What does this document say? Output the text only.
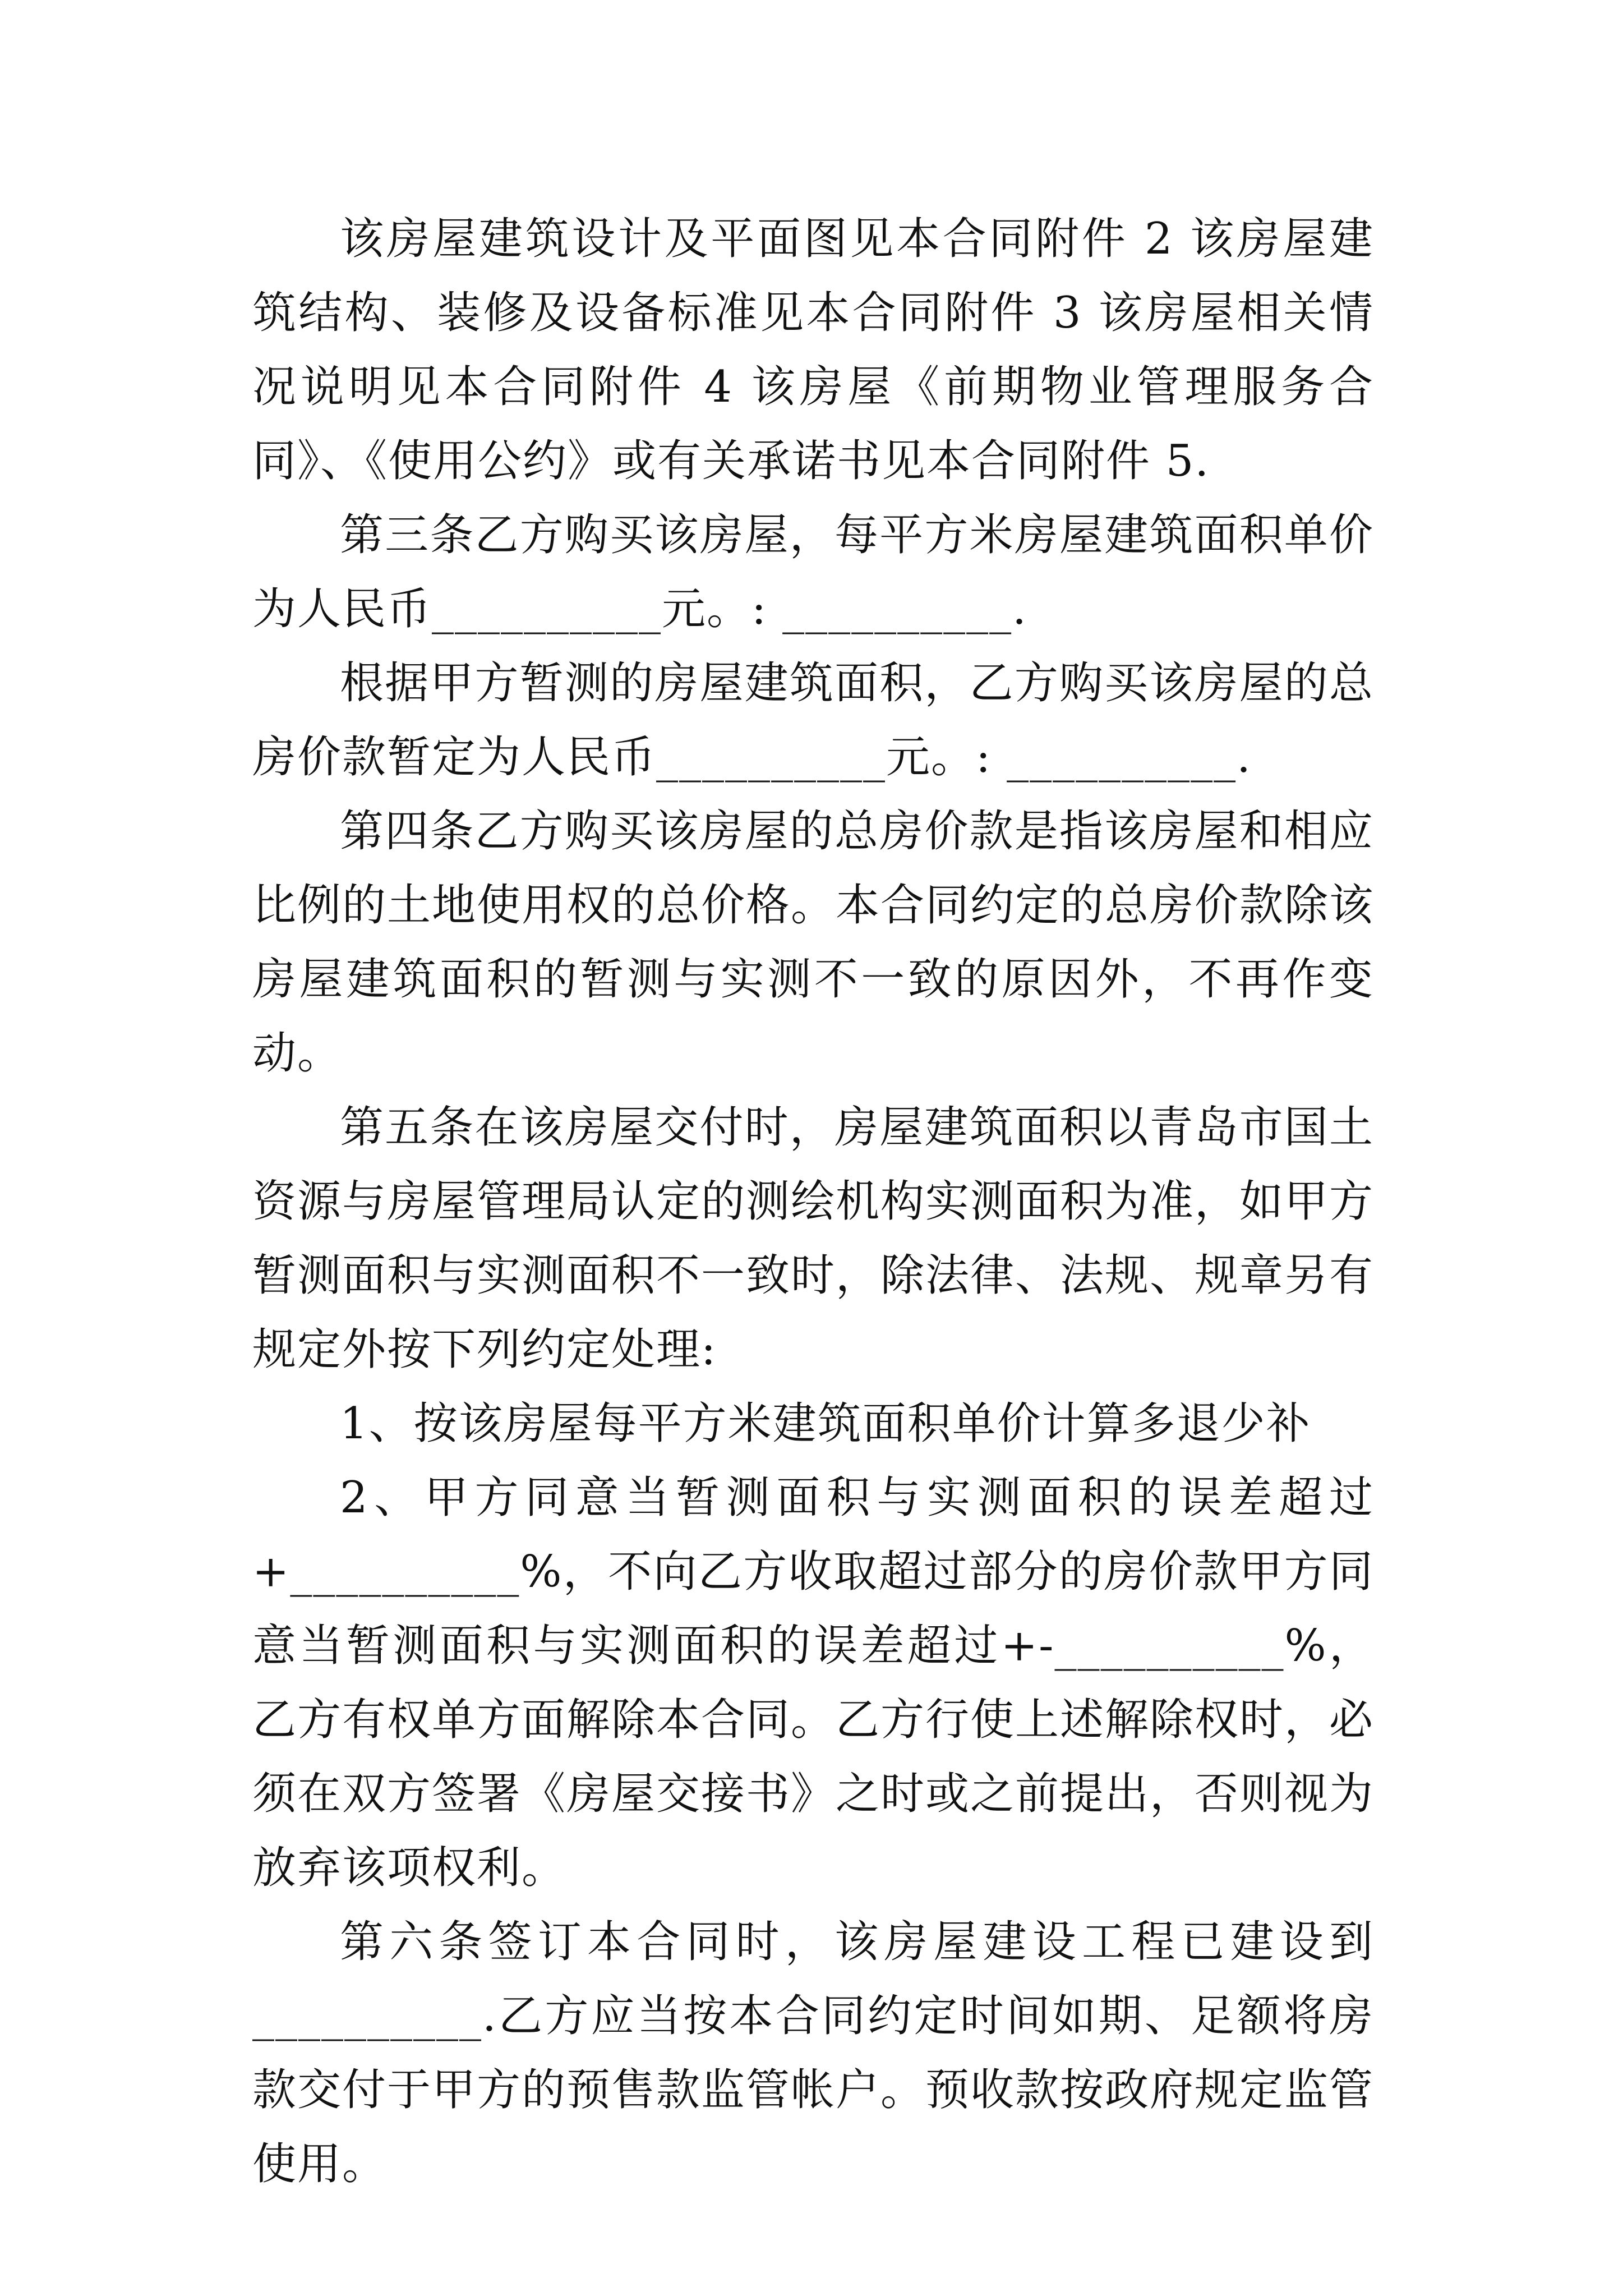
该房屋建筑设计及平面图见本合同附件 2 该房屋建筑结构、装修及设备标准见本合同附件 3 该房屋相关情况说明见本合同附件 4 该房屋《前期物业管理服务合同》、《使用公约》或有关承诺书见本合同附件 5.

第三条乙方购买该房屋，每平方米房屋建筑面积单价为人民币__________元。: __________.

根据甲方暂测的房屋建筑面积，乙方购买该房屋的总房价款暂定为人民币__________元。: __________.

第四条乙方购买该房屋的总房价款是指该房屋和相应比例的土地使用权的总价格。本合同约定的总房价款除该房屋建筑面积的暂测与实测不一致的原因外，不再作变动。

第五条在该房屋交付时，房屋建筑面积以青岛市国土资源与房屋管理局认定的测绘机构实测面积为准，如甲方暂测面积与实测面积不一致时，除法律、法规、规章另有规定外按下列约定处理:

1、按该房屋每平方米建筑面积单价计算多退少补

2、甲方同意当暂测面积与实测面积的误差超过+__________%，不向乙方收取超过部分的房价款甲方同意当暂测面积与实测面积的误差超过+-__________%，乙方有权单方面解除本合同。乙方行使上述解除权时，必须在双方签署《房屋交接书》之时或之前提出，否则视为放弃该项权利。

第六条签订本合同时，该房屋建设工程已建设到__________.乙方应当按本合同约定时间如期、足额将房款交付于甲方的预售款监管帐户。预收款按政府规定监管使用。
